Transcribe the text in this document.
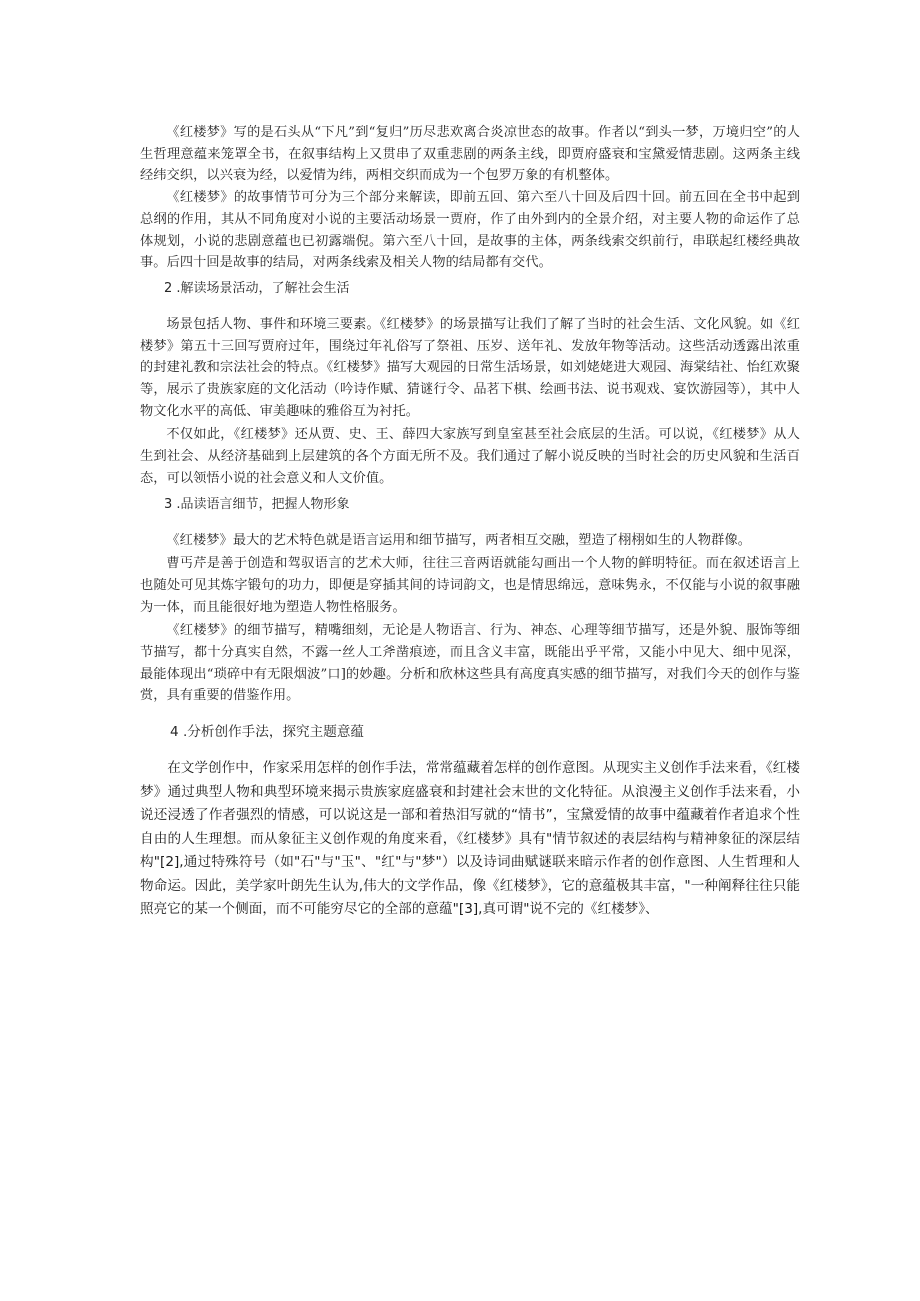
《红楼梦》写的是石头从“下凡”到“复归”历尽悲欢离合炎凉世态的故事。作者以“到头一梦，万境归空”的人生哲理意蕴来笼罩全书，在叙事结构上又贯串了双重悲剧的两条主线，即贾府盛衰和宝黛爱情悲剧。这两条主线经纬交织，以兴衰为经，以爱情为纬，两相交织而成为一个包罗万象的有机整体。

《红楼梦》的故事情节可分为三个部分来解读，即前五回、第六至八十回及后四十回。前五回在全书中起到总纲的作用，其从不同角度对小说的主要活动场景一贾府，作了由外到内的全景介绍，对主要人物的命运作了总体规划，小说的悲剧意蕴也已初露端倪。第六至八十回，是故事的主体，两条线索交织前行，串联起红楼经典故事。后四十回是故事的结局，对两条线索及相关人物的结局都有交代。

2 .解读场景活动，了解社会生活

场景包括人物、事件和环境三要素。《红楼梦》的场景描写让我们了解了当时的社会生活、文化风貌。如《红楼梦》第五十三回写贾府过年，围绕过年礼俗写了祭祖、压岁、送年礼、发放年物等活动。这些活动透露出浓重的封建礼教和宗法社会的特点。《红楼梦》描写大观园的日常生活场景，如刘姥姥进大观园、海棠结社、怡红欢聚等，展示了贵族家庭的文化活动（吟诗作赋、猜谜行令、品茗下棋、绘画书法、说书观戏、宴饮游园等），其中人物文化水平的高低、审美趣味的雅俗互为衬托。

不仅如此，《红楼梦》还从贾、史、王、薛四大家族写到皇室甚至社会底层的生活。可以说，《红楼梦》从人生到社会、从经济基础到上层建筑的各个方面无所不及。我们通过了解小说反映的当时社会的历史风貌和生活百态，可以领悟小说的社会意义和人文价值。

3 .品读语言细节，把握人物形象

《红楼梦》最大的艺术特色就是语言运用和细节描写，两者相互交融，塑造了栩栩如生的人物群像。

曹丐芹是善于创造和驾驭语言的艺术大师，往往三音两语就能勾画出一个人物的鲜明特征。而在叙述语言上也随处可见其炼字锻句的功力，即便是穿插其间的诗词韵文，也是情思绵远，意味隽永，不仅能与小说的叙事融为一体，而且能很好地为塑造人物性格服务。

《红楼梦》的细节描写，精嘴细刻，无论是人物语言、行为、神态、心理等细节描写，还是外貌、服饰等细节描写，都十分真实自然，不露一丝人工斧凿痕迹，而且含义丰富，既能出乎平常，又能小中见大、细中见深，最能体现出“琐碎中有无限烟波”口]的妙趣。分析和欣林这些具有高度真实感的细节描写，对我们今天的创作与鉴赏，具有重要的借鉴作用。

4 .分析创作手法，探究主题意蕴

在文学创作中，作家采用怎样的创作手法，常常蕴藏着怎样的创作意图。从现实主义创作手法来看，《红楼梦》通过典型人物和典型环境来揭示贵族家庭盛衰和封建社会末世的文化特征。从浪漫主义创作手法来看，小说还浸透了作者强烈的情感，可以说这是一部和着热泪写就的“情书”，宝黛爱情的故事中蕴藏着作者追求个性自由的人生理想。而从象征主义创作观的角度来看，《红楼梦》具有"情节叙述的表层结构与精神象征的深层结构"[2],通过特殊符号（如"石"与"玉"、"红"与"梦"）以及诗词曲赋谜联来暗示作者的创作意图、人生哲理和人物命运。因此，美学家叶朗先生认为,伟大的文学作品，像《红楼梦》，它的意蕴极其丰富，"一种阐释往往只能照亮它的某一个侧面，而不可能穷尽它的全部的意蕴"[3],真可谓"说不完的《红楼梦》、
